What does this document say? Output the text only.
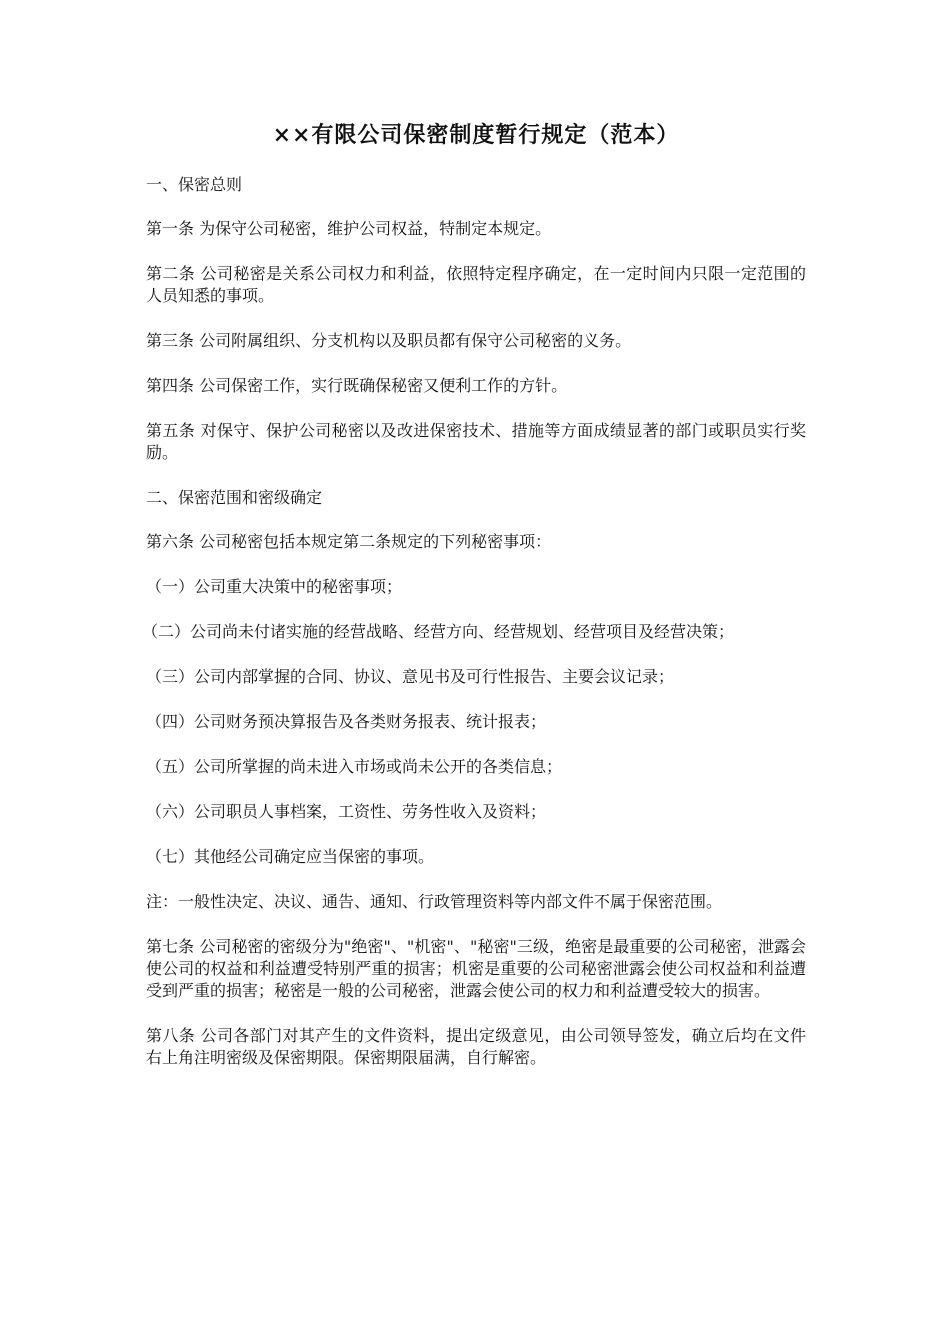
××有限公司保密制度暂行规定（范本）

一、保密总则

第一条 为保守公司秘密，维护公司权益，特制定本规定。

第二条 公司秘密是关系公司权力和利益，依照特定程序确定，在一定时间内只限一定范围的人员知悉的事项。

第三条 公司附属组织、分支机构以及职员都有保守公司秘密的义务。

第四条 公司保密工作，实行既确保秘密又便利工作的方针。

第五条 对保守、保护公司秘密以及改进保密技术、措施等方面成绩显著的部门或职员实行奖励。

二、保密范围和密级确定

第六条 公司秘密包括本规定第二条规定的下列秘密事项：

（一）公司重大决策中的秘密事项；

（二）公司尚未付诸实施的经营战略、经营方向、经营规划、经营项目及经营决策；

（三）公司内部掌握的合同、协议、意见书及可行性报告、主要会议记录；

（四）公司财务预决算报告及各类财务报表、统计报表；

（五）公司所掌握的尚未进入市场或尚未公开的各类信息；

（六）公司职员人事档案，工资性、劳务性收入及资料；

（七）其他经公司确定应当保密的事项。

注：一般性决定、决议、通告、通知、行政管理资料等内部文件不属于保密范围。

第七条 公司秘密的密级分为"绝密"、"机密"、"秘密"三级，绝密是最重要的公司秘密，泄露会使公司的权益和利益遭受特别严重的损害；机密是重要的公司秘密泄露会使公司权益和利益遭受到严重的损害；秘密是一般的公司秘密，泄露会使公司的权力和利益遭受较大的损害。

第八条 公司各部门对其产生的文件资料，提出定级意见，由公司领导签发，确立后均在文件右上角注明密级及保密期限。保密期限届满，自行解密。
